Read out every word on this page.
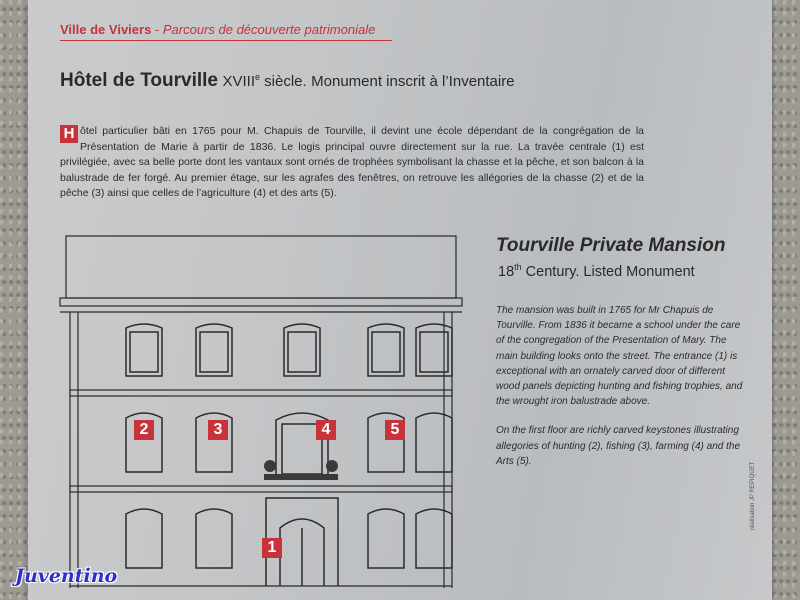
Ville de Viviers - Parcours de découverte patrimoniale
Hôtel de Tourville XVIIIe siècle. Monument inscrit à l’Inventaire
H ôtel particulier bâti en 1765 pour M. Chapuis de Tourville, il devint une école dépendant de la congrégation de la Présentation de Marie à partir de 1836. Le logis principal ouvre directement sur la rue. La travée centrale (1) est privilégiée, avec sa belle porte dont les vantaux sont ornés de trophées symbolisant la chasse et la pêche, et son balcon à la balustrade de fer forgé. Au premier étage, sur les agrafes des fenêtres, on retrouve les allégories de la chasse (2) et de la pêche (3) ainsi que celles de l’agriculture (4) et des arts (5).
Tourville Private Mansion
18th Century. Listed Monument

The mansion was built in 1765 for Mr Chapuis de Tourville. From 1836 it became a school under the care of the congregation of the Presentation of Mary. The main building looks onto the street. The entrance (1) is exceptional with an ornately carved door of different wood panels depicting hunting and fishing trophies, and the wrought iron balustrade above.

On the first floor are richly carved keystones illustrating allegories of hunting (2), fishing (3), farming (4) and the Arts (5).

réalisation JP REPIQUET
2	3	4	5
1
Juventino
